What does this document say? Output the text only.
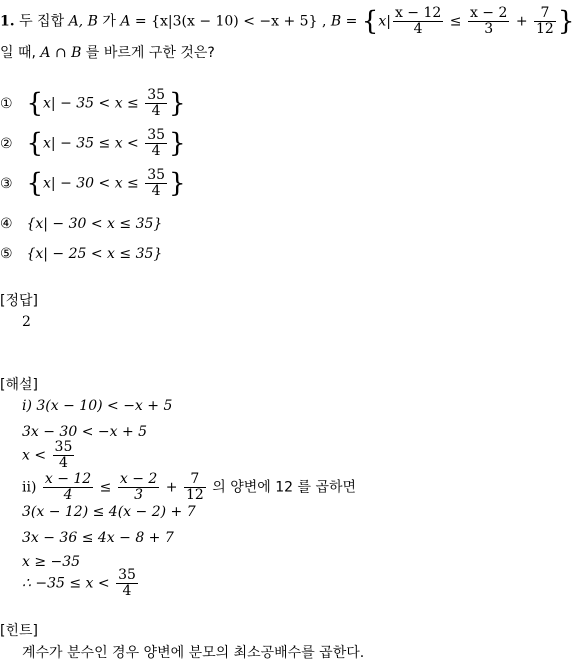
1. 두 집합 A, B 가 A = {x|3(x − 10) < −x + 5} , $B = \{x| \frac{x - 12}{4} \le \frac{x - 2}{3} + \frac{7}{12}$ }
일 때, A ∩ B 를 바르게 구한 것은?
① {$x| - 35 < x \le \frac{35}{4}$ }
② {$x| - 35 \le x < \frac{35}{4}$ }
③ {$x| - 30 < x \le \frac{35}{4}$ }
④ {x| − 30 < x ≤ 35}
⑤ {x| − 25 < x ≤ 35}
[정답]
2
[해설]
i) 3(x − 10) < −x + 5
3x − 30 < −x + 5
$x < \frac{35}{4}$
$ii) \frac{x - 12}{4} \le \frac{x - 2}{3} + \frac{7}{12}$ 의 양변에 12 를 곱하면
3(x − 12) ≤ 4(x − 2) + 7
3x − 36 ≤ 4x − 8 + 7
x ≥ −35
∴ $-35 \le x < \frac{35}{4}$
[힌트]
계수가 분수인 경우 양변에 분모의 최소공배수를 곱한다.
